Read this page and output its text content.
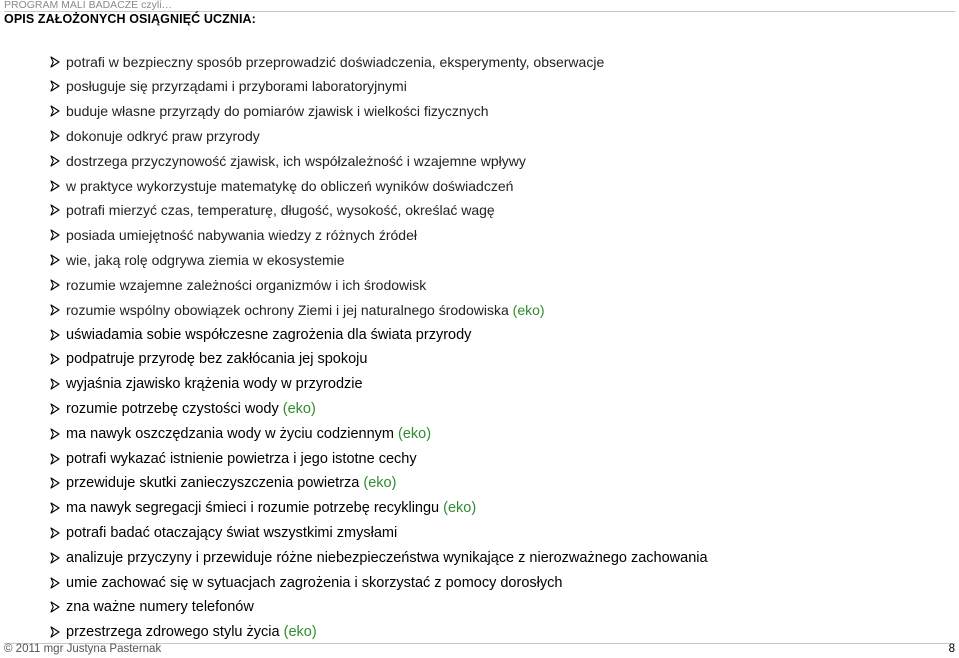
PROGRAM MALI BADACZE czyli…
OPIS ZAŁOŻONYCH OSIĄGNIĘĆ UCZNIA:
potrafi w bezpieczny sposób przeprowadzić doświadczenia, eksperymenty, obserwacje
posługuje się przyrządami i przyborami laboratoryjnymi
buduje własne przyrządy do pomiarów zjawisk i wielkości fizycznych
dokonuje odkryć praw przyrody
dostrzega przyczynowość zjawisk, ich współzależność i wzajemne wpływy
w praktyce wykorzystuje matematykę do obliczeń wyników doświadczeń
potrafi mierzyć czas, temperaturę, długość, wysokość, określać wagę
posiada umiejętność nabywania wiedzy z różnych źródeł
wie, jaką rolę odgrywa ziemia w ekosystemie
rozumie wzajemne zależności organizmów i ich środowisk
rozumie wspólny obowiązek ochrony Ziemi i jej naturalnego środowiska
(eko)
uświadamia sobie współczesne zagrożenia dla świata przyrody
podpatruje przyrodę bez zakłócania jej spokoju
wyjaśnia zjawisko krążenia wody w przyrodzie
rozumie potrzebę czystości wody
(eko)
ma nawyk oszczędzania wody w życiu codziennym
(eko)
potrafi wykazać istnienie powietrza i jego istotne cechy
przewiduje skutki zanieczyszczenia powietrza
(eko)
ma nawyk segregacji śmieci i rozumie potrzebę recyklingu
(eko)
potrafi badać otaczający świat wszystkimi zmysłami
analizuje przyczyny i przewiduje różne niebezpieczeństwa wynikające z nierozważnego zachowania
umie zachować się w sytuacjach zagrożenia i skorzystać z pomocy dorosłych
zna ważne numery telefonów
przestrzega zdrowego stylu życia
(eko)
© 2011 mgr Justyna Pasternak	8
